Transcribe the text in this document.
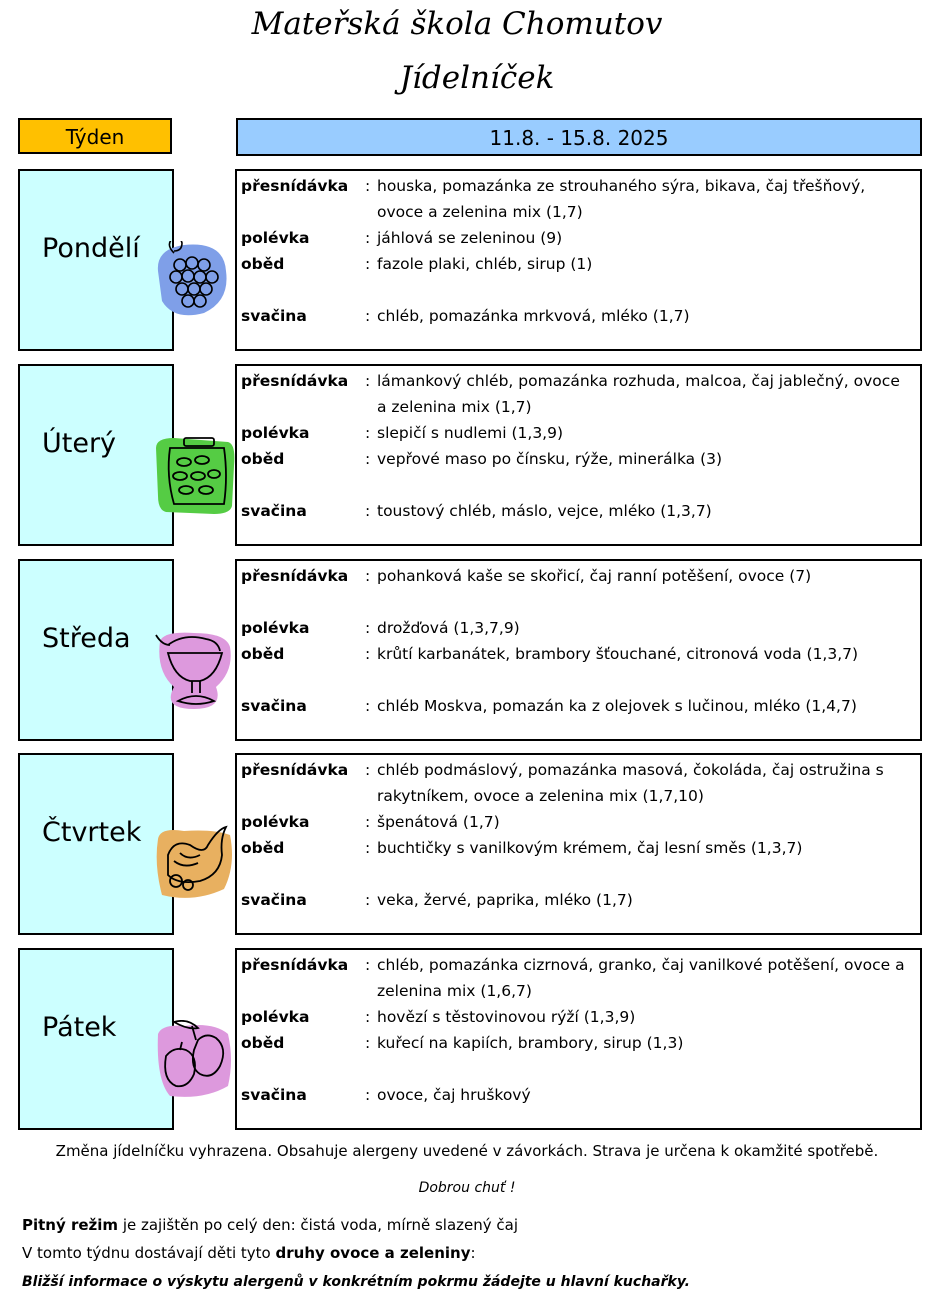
Mateřská škola Chomutov
Jídelníček
Týden	11.8. - 15.8. 2025
Pondělí
přesnídávka	: houska, pomazánka ze strouhaného sýra, bikava, čaj třešňový,
ovoce a zelenina mix (1,7)
polévka	: jáhlová se zeleninou (9)
oběd	: fazole plaki, chléb, sirup (1)
svačina	: chléb, pomazánka mrkvová, mléko (1,7)
Úterý
přesnídávka	: lámankový chléb, pomazánka rozhuda, malcoa, čaj jablečný, ovoce
a zelenina mix (1,7)
polévka	: slepičí s nudlemi (1,3,9)
oběd	: vepřové maso po čínsku, rýže, minerálka (3)
svačina	: toustový chléb, máslo, vejce, mléko (1,3,7)
Středa
přesnídávka	: pohanková kaše se skořicí, čaj ranní potěšení, ovoce (7)
polévka	: drožďová (1,3,7,9)
oběd	: krůtí karbanátek, brambory šťouchané, citronová voda (1,3,7)
svačina	: chléb Moskva, pomazán ka z olejovek s lučinou, mléko (1,4,7)
Čtvrtek
přesnídávka	: chléb podmáslový, pomazánka masová, čokoláda, čaj ostružina s
rakytníkem, ovoce a zelenina mix (1,7,10)
polévka	: špenátová (1,7)
oběd	: buchtičky s vanilkovým krémem, čaj lesní směs (1,3,7)
svačina	: veka, žervé, paprika, mléko (1,7)
Pátek
přesnídávka	: chléb, pomazánka cizrnová, granko, čaj vanilkové potěšení, ovoce a
zelenina mix (1,6,7)
polévka	: hovězí s těstovinovou rýží (1,3,9)
oběd	: kuřecí na kapiích, brambory, sirup (1,3)
svačina	: ovoce, čaj hruškový
Změna jídelníčku vyhrazena. Obsahuje alergeny uvedené v závorkách. Strava je určena k okamžité spotřebě.
Dobrou chuť !
Pitný režim je zajištěn po celý den: čistá voda, mírně slazený čaj
V tomto týdnu dostávají děti tyto druhy ovoce a zeleniny:
Bližší informace o výskytu alergenů v konkrétním pokrmu žádejte u hlavní kuchařky.
